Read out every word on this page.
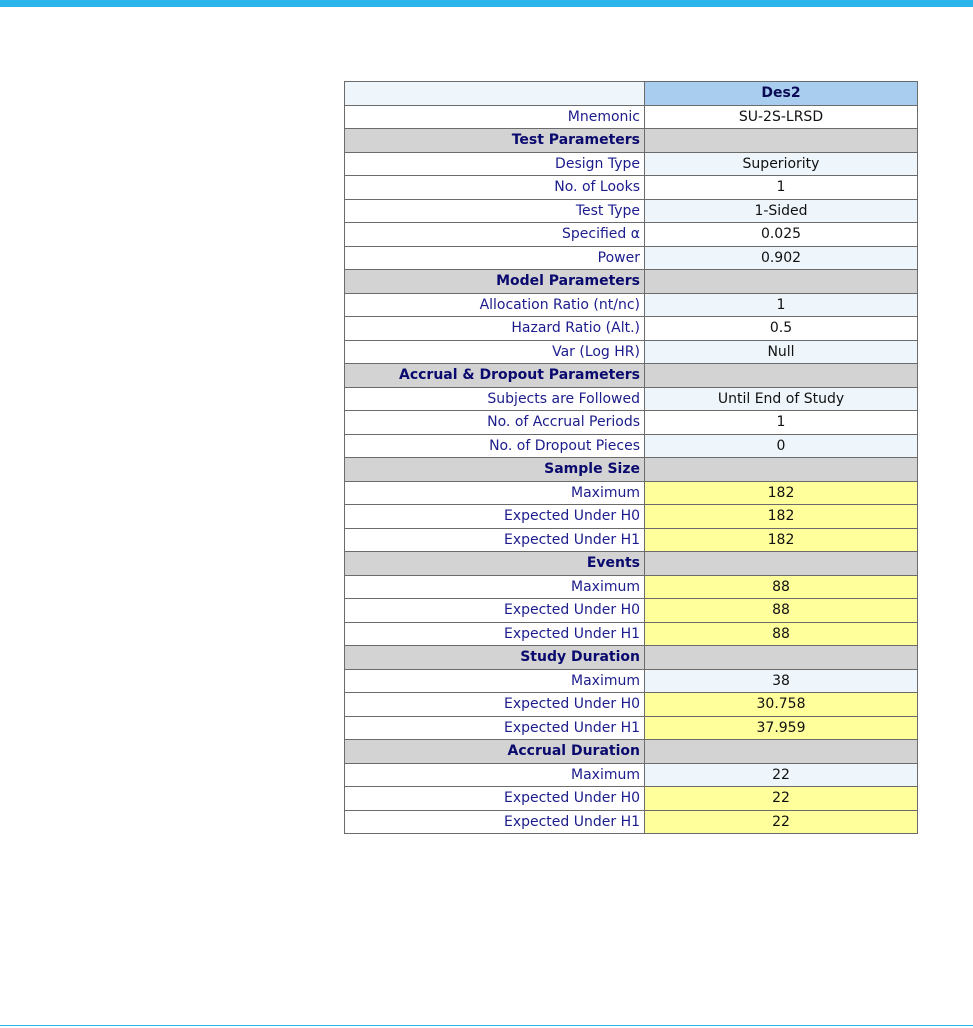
	Des2
Mnemonic	SU-2S-LRSD
Test Parameters	
Design Type	Superiority
No. of Looks	1
Test Type	1-Sided
Specified α	0.025
Power	0.902
Model Parameters	
Allocation Ratio (nt/nc)	1
Hazard Ratio (Alt.)	0.5
Var (Log HR)	Null
Accrual & Dropout Parameters	
Subjects are Followed	Until End of Study
No. of Accrual Periods	1
No. of Dropout Pieces	0
Sample Size	
Maximum	182
Expected Under H0	182
Expected Under H1	182
Events	
Maximum	88
Expected Under H0	88
Expected Under H1	88
Study Duration	
Maximum	38
Expected Under H0	30.758
Expected Under H1	37.959
Accrual Duration	
Maximum	22
Expected Under H0	22
Expected Under H1	22
